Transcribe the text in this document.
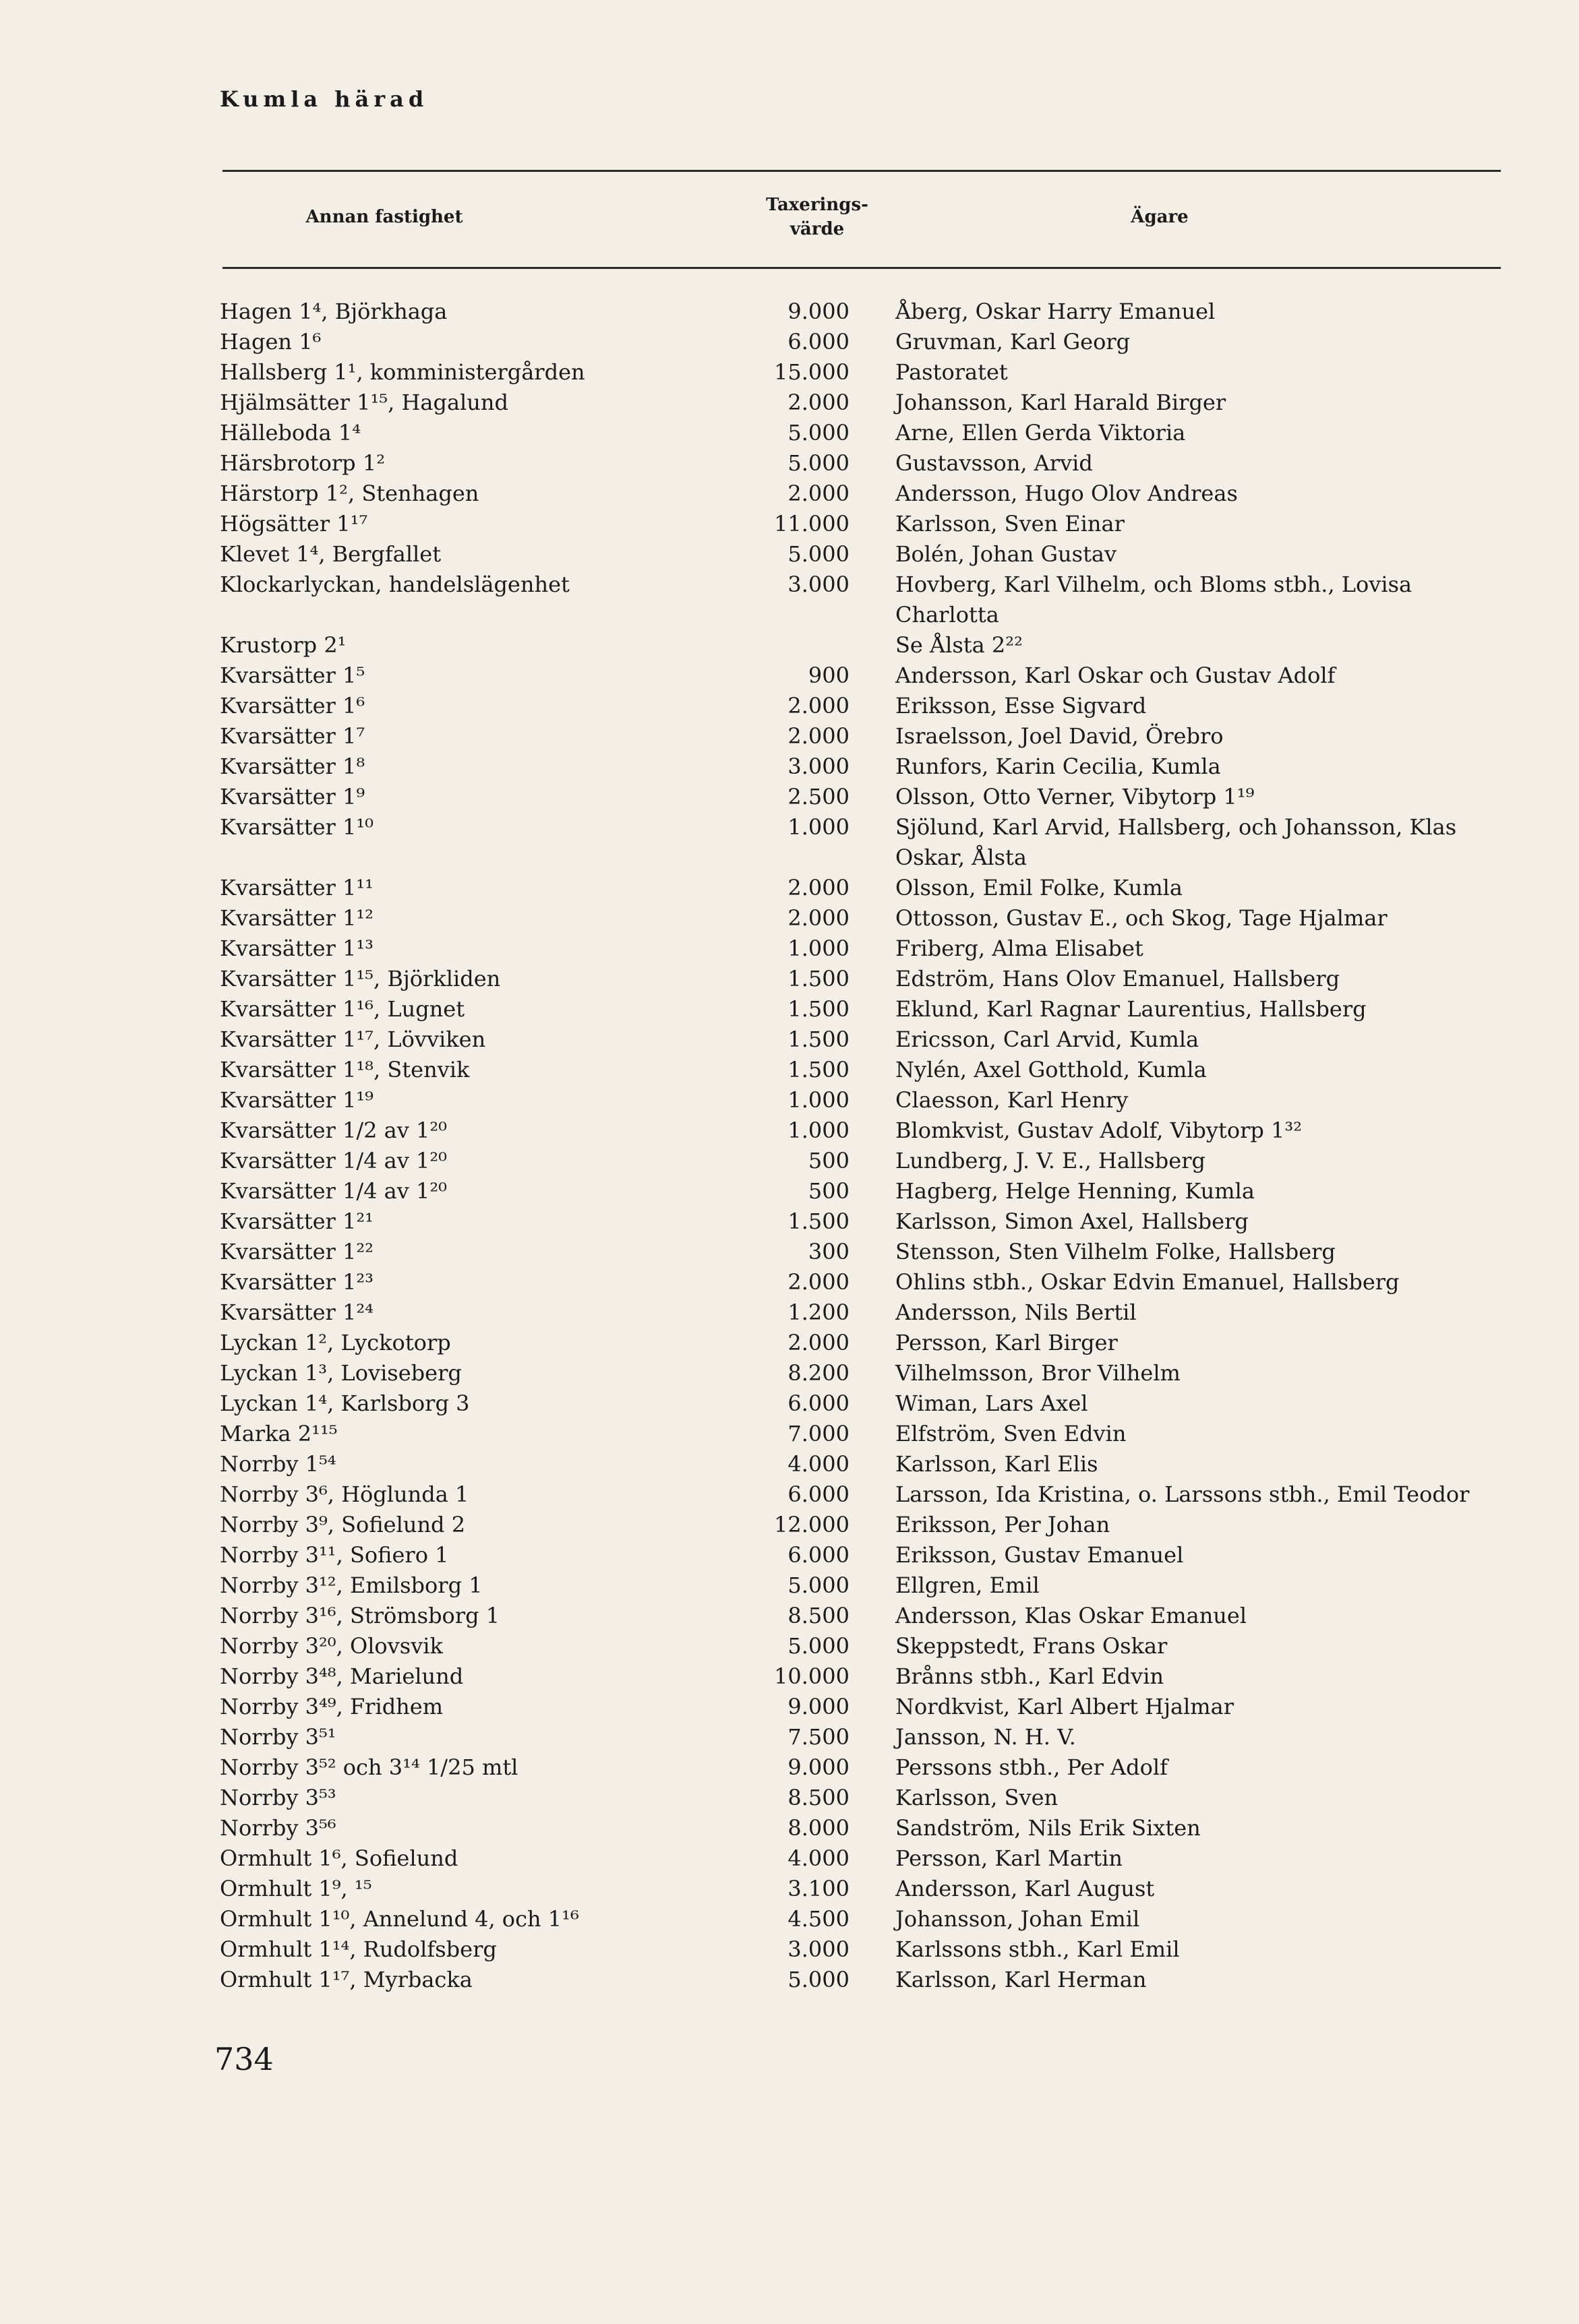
Kumla härad
Annan fastighet
Taxerings-
värde
Ägare
Hagen 1⁴, Björkhaga	9.000 Åberg, Oskar Harry Emanuel
Hagen 1⁶	6.000 Gruvman, Karl Georg
Hallsberg 1¹, komministergården	15.000 Pastoratet
Hjälmsätter 1¹⁵, Hagalund	2.000 Johansson, Karl Harald Birger
Hälleboda 1⁴	5.000 Arne, Ellen Gerda Viktoria
Härsbrotorp 1²	5.000 Gustavsson, Arvid
Härstorp 1², Stenhagen	2.000 Andersson, Hugo Olov Andreas
Högsätter 1¹⁷	11.000 Karlsson, Sven Einar
Klevet 1⁴, Bergfallet	5.000 Bolén, Johan Gustav
Klockarlyckan, handelslägenhet	3.000 Hovberg, Karl Vilhelm, och Bloms stbh., Lovisa
Charlotta
Krustorp 2¹	Se Ålsta 2²²
Kvarsätter 1⁵	900 Andersson, Karl Oskar och Gustav Adolf
Kvarsätter 1⁶	2.000 Eriksson, Esse Sigvard
Kvarsätter 1⁷	2.000 Israelsson, Joel David, Örebro
Kvarsätter 1⁸	3.000 Runfors, Karin Cecilia, Kumla
Kvarsätter 1⁹	2.500 Olsson, Otto Verner, Vibytorp 1¹⁹
Kvarsätter 1¹⁰	1.000 Sjölund, Karl Arvid, Hallsberg, och Johansson, Klas
Oskar, Ålsta
Kvarsätter 1¹¹	2.000 Olsson, Emil Folke, Kumla
Kvarsätter 1¹²	2.000 Ottosson, Gustav E., och Skog, Tage Hjalmar
Kvarsätter 1¹³	1.000 Friberg, Alma Elisabet
Kvarsätter 1¹⁵, Björkliden	1.500 Edström, Hans Olov Emanuel, Hallsberg
Kvarsätter 1¹⁶, Lugnet	1.500 Eklund, Karl Ragnar Laurentius, Hallsberg
Kvarsätter 1¹⁷, Lövviken	1.500 Ericsson, Carl Arvid, Kumla
Kvarsätter 1¹⁸, Stenvik	1.500 Nylén, Axel Gotthold, Kumla
Kvarsätter 1¹⁹	1.000 Claesson, Karl Henry
Kvarsätter 1/2 av 1²⁰	1.000 Blomkvist, Gustav Adolf, Vibytorp 1³²
Kvarsätter 1/4 av 1²⁰	500 Lundberg, J. V. E., Hallsberg
Kvarsätter 1/4 av 1²⁰	500 Hagberg, Helge Henning, Kumla
Kvarsätter 1²¹	1.500 Karlsson, Simon Axel, Hallsberg
Kvarsätter 1²²	300 Stensson, Sten Vilhelm Folke, Hallsberg
Kvarsätter 1²³	2.000 Ohlins stbh., Oskar Edvin Emanuel, Hallsberg
Kvarsätter 1²⁴	1.200 Andersson, Nils Bertil
Lyckan 1², Lyckotorp	2.000 Persson, Karl Birger
Lyckan 1³, Loviseberg	8.200 Vilhelmsson, Bror Vilhelm
Lyckan 1⁴, Karlsborg 3	6.000 Wiman, Lars Axel
Marka 2¹¹⁵	7.000 Elfström, Sven Edvin
Norrby 1⁵⁴	4.000 Karlsson, Karl Elis
Norrby 3⁶, Höglunda 1	6.000 Larsson, Ida Kristina, o. Larssons stbh., Emil Teodor
Norrby 3⁹, Sofielund 2	12.000 Eriksson, Per Johan
Norrby 3¹¹, Sofiero 1	6.000 Eriksson, Gustav Emanuel
Norrby 3¹², Emilsborg 1	5.000 Ellgren, Emil
Norrby 3¹⁶, Strömsborg 1	8.500 Andersson, Klas Oskar Emanuel
Norrby 3²⁰, Olovsvik	5.000 Skeppstedt, Frans Oskar
Norrby 3⁴⁸, Marielund	10.000 Brånns stbh., Karl Edvin
Norrby 3⁴⁹, Fridhem	9.000 Nordkvist, Karl Albert Hjalmar
Norrby 3⁵¹	7.500 Jansson, N. H. V.
Norrby 3⁵² och 3¹⁴ 1/25 mtl	9.000 Perssons stbh., Per Adolf
Norrby 3⁵³	8.500 Karlsson, Sven
Norrby 3⁵⁶	8.000 Sandström, Nils Erik Sixten
Ormhult 1⁶, Sofielund	4.000 Persson, Karl Martin
Ormhult 1⁹, ¹⁵	3.100 Andersson, Karl August
Ormhult 1¹⁰, Annelund 4, och 1¹⁶	4.500 Johansson, Johan Emil
Ormhult 1¹⁴, Rudolfsberg	3.000 Karlssons stbh., Karl Emil
Ormhult 1¹⁷, Myrbacka	5.000 Karlsson, Karl Herman
734
